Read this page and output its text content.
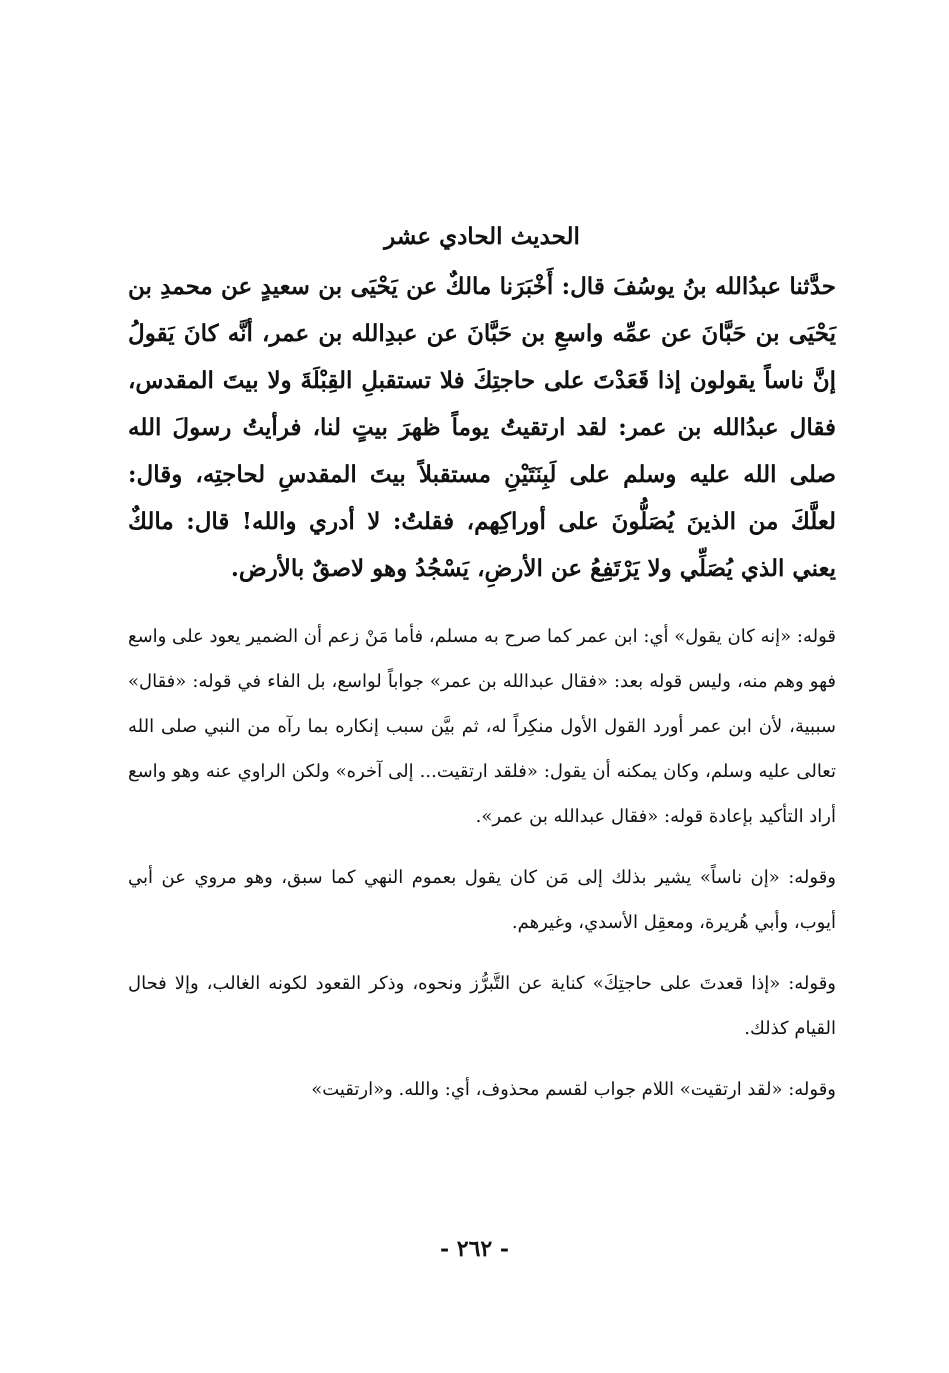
الحديث الحادي عشر

حدَّثنا عبدُالله بنُ يوسُفَ قال: أَخْبَرَنا مالكٌ عن يَحْيَى بن سعيدٍ عن محمدِ بن يَحْيَى بن حَبَّانَ عن عمِّه واسعِ بن حَبَّانَ عن عبدِالله بن عمر، أنَّه كانَ يَقولُ إنَّ ناساً يقولون إذا قَعَدْتَ على حاجتِكَ فلا تستقبلِ القِبْلَةَ ولا بيتَ المقدس، فقال عبدُالله بن عمر: لقد ارتقيتُ يوماً ظهرَ بيتٍ لنا، فرأيتُ رسولَ الله صلى الله عليه وسلم على لَبِنَتَيْنِ مستقبلاً بيتَ المقدسِ لحاجتِه، وقال: لعلَّكَ من الذينَ يُصَلُّونَ على أوراكِهم، فقلتُ: لا أدري والله! قال: مالكٌ يعني الذي يُصَلِّي ولا يَرْتَفِعُ عن الأرضِ، يَسْجُدُ وهو لاصقٌ بالأرض.

قوله: «إنه كان يقول» أي: ابن عمر كما صرح به مسلم، فأما مَنْ زعم أن الضمير يعود على واسع فهو وهم منه، وليس قوله بعد: «فقال عبدالله بن عمر» جواباً لواسع، بل الفاء في قوله: «فقال» سببية، لأن ابن عمر أورد القول الأول منكِراً له، ثم بيَّن سبب إنكاره بما رآه من النبي صلى الله تعالى عليه وسلم، وكان يمكنه أن يقول: «فلقد ارتقيت... إلى آخره» ولكن الراوي عنه وهو واسع أراد التأكيد بإعادة قوله: «فقال عبدالله بن عمر».

وقوله: «إن ناساً» يشير بذلك إلى مَن كان يقول بعموم النهي كما سبق، وهو مروي عن أبي أيوب، وأبي هُريرة، ومعقِل الأسدي، وغيرهم.

وقوله: «إذا قعدتَ على حاجتِكَ» كناية عن التَّبرُّز ونحوه، وذكر القعود لكونه الغالب، وإلا فحال القيام كذلك.

وقوله: «لقد ارتقيت» اللام جواب لقسم محذوف، أي: والله. و«ارتقيت»

- ٢٦٢ -
